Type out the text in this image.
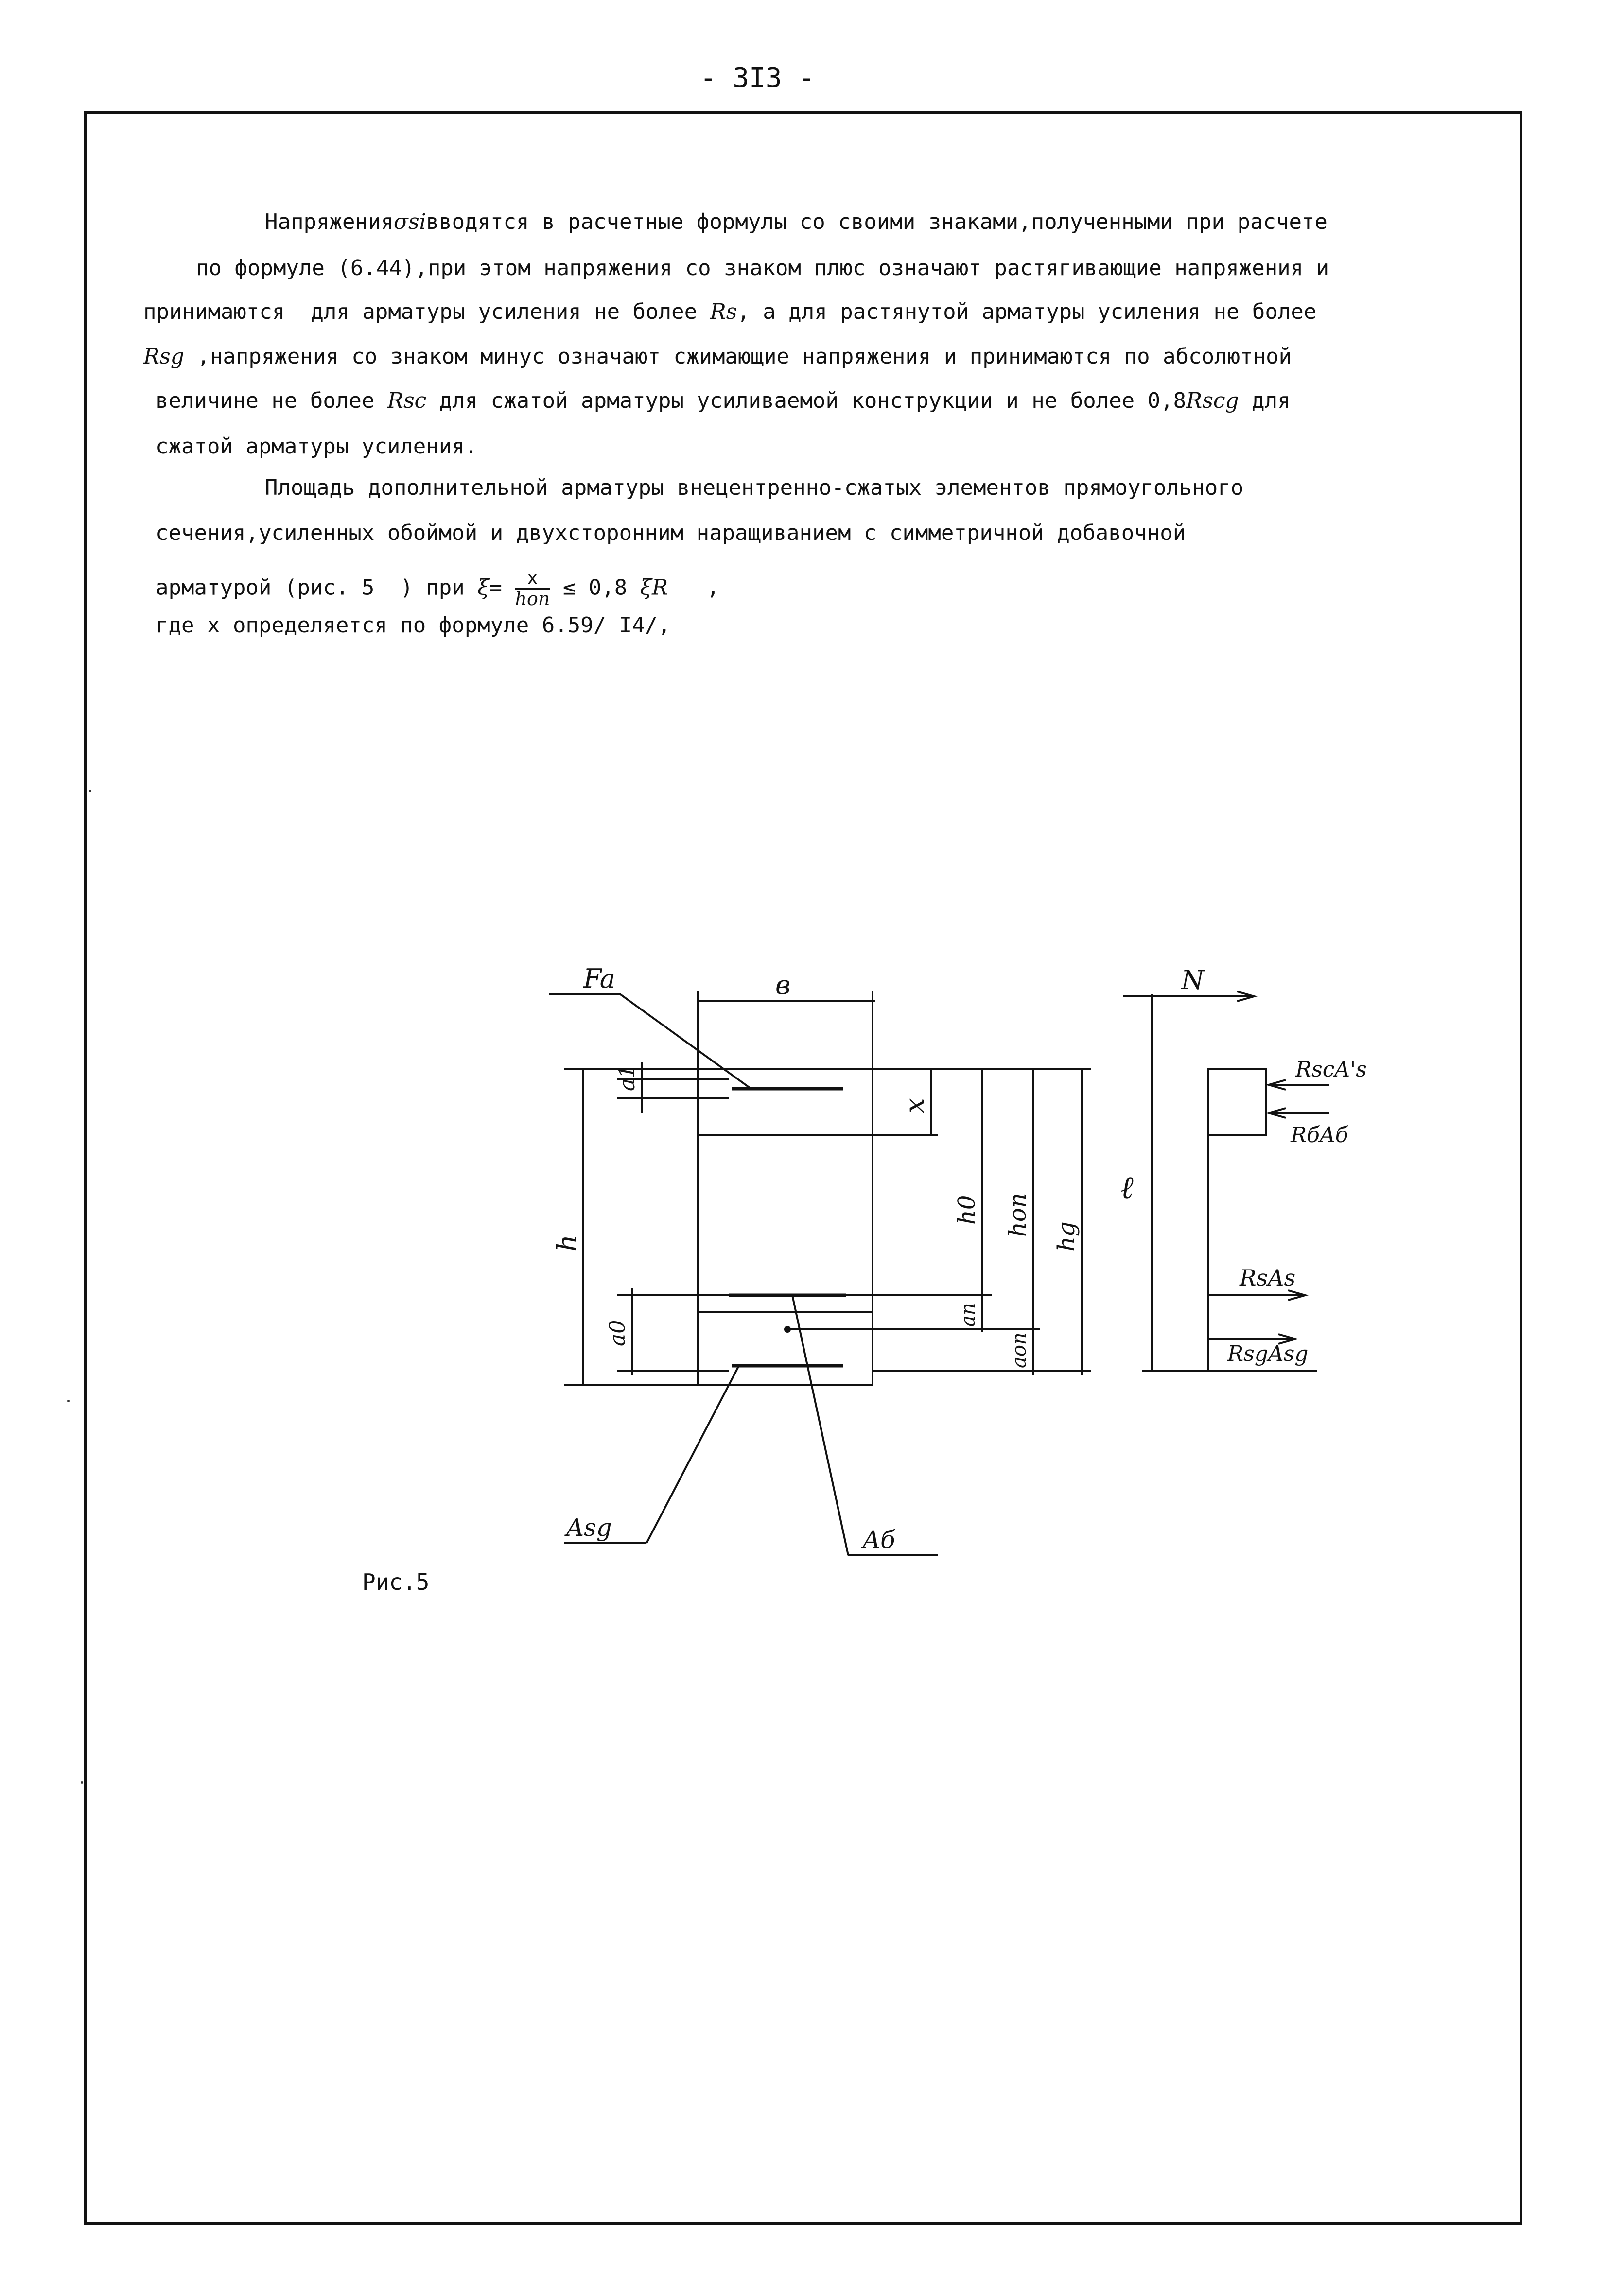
- 3I3 -
Напряженияσsiвводятся в расчетные формулы со своими знаками,полученными при расчете
по формуле (6.44),при этом напряжения со знаком плюс означают растягивающие напряжения и
принимаются  для арматуры усиления не более Rs, а для растянутой арматуры усиления не более
Rsg ,напряжения со знаком минус означают сжимающие напряжения и принимаются по абсолютной
величине не более Rsc для сжатой арматуры усиливаемой конструкции и не более 0,8Rscg для
сжатой арматуры усиления.
Площадь дополнительной арматуры внецентренно-сжатых элементов прямоугольного
сечения,усиленных обоймой и двухсторонним наращиванием с симметричной добавочной
арматурой (рис. 5  ) при ξ=	x
hоп ≤ 0,8 ξR ,
где x определяется по формуле 6.59/ I4/,
Fa	в
a1
x
h
h0 hоп hg
a0
aп
aоп
Asg	Aб
N
ℓ
RscA's
RбAб
RsAs
RsgAsg
Рис.5
